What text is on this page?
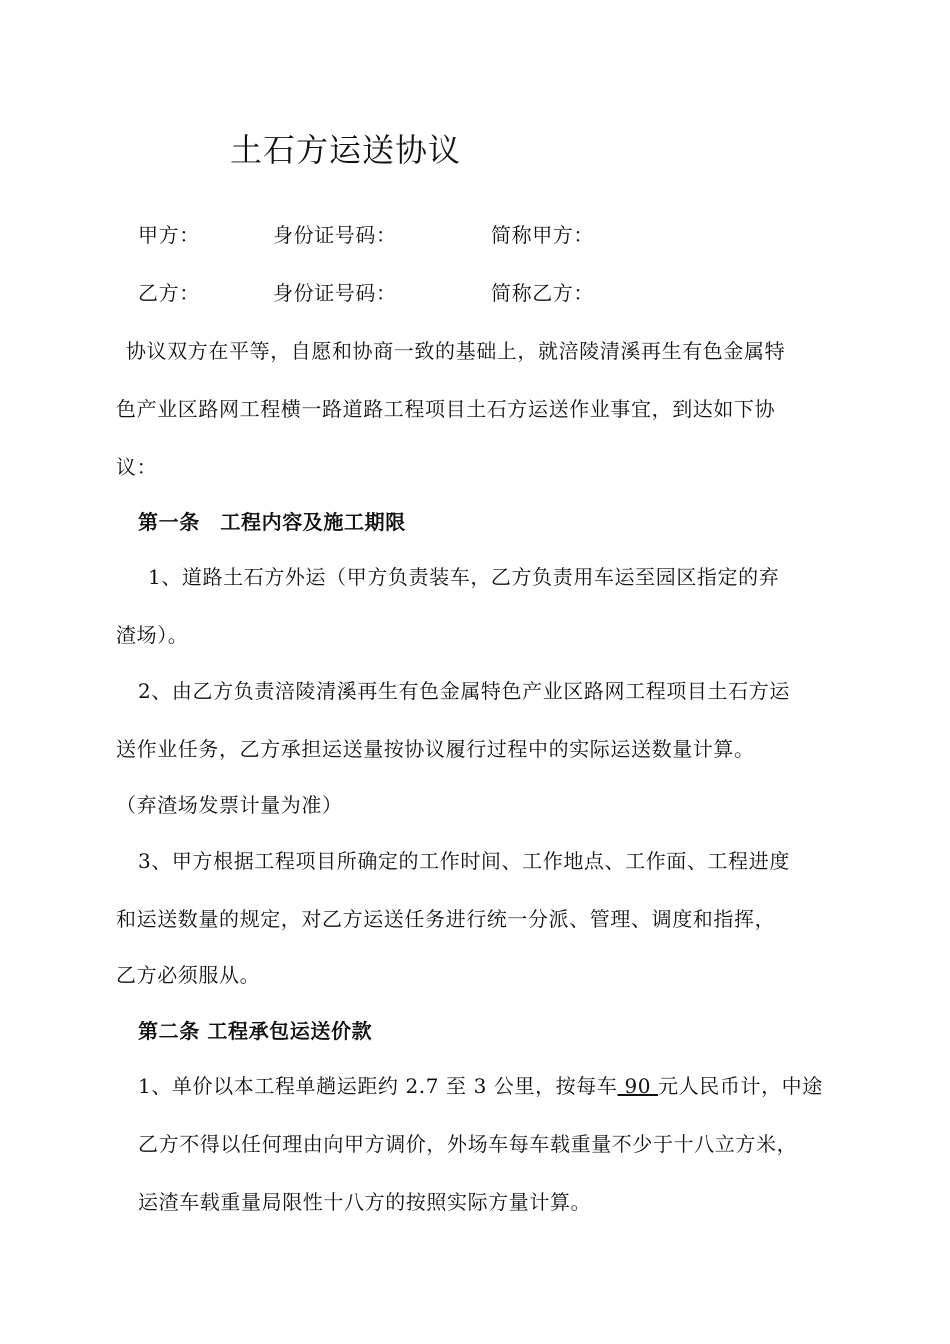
土石方运送协议
甲方：	身份证号码：	简称甲方：
乙方：	身份证号码：	简称乙方：
协议双方在平等，自愿和协商一致的基础上，就涪陵清溪再生有色金属特
色产业区路网工程横一路道路工程项目土石方运送作业事宜，到达如下协
议：
第一条　工程内容及施工期限
1、道路土石方外运（甲方负责装车，乙方负责用车运至园区指定的弃
渣场）。
2、由乙方负责涪陵清溪再生有色金属特色产业区路网工程项目土石方运
送作业任务，乙方承担运送量按协议履行过程中的实际运送数量计算。
（弃渣场发票计量为准）
3、甲方根据工程项目所确定的工作时间、工作地点、工作面、工程进度
和运送数量的规定，对乙方运送任务进行统一分派、管理、调度和指挥，
乙方必须服从。
第二条 工程承包运送价款
1、单价以本工程单趟运距约 2.7 至 3 公里，按每车 90 元人民币计，中途
乙方不得以任何理由向甲方调价，外场车每车载重量不少于十八立方米，
运渣车载重量局限性十八方的按照实际方量计算。
